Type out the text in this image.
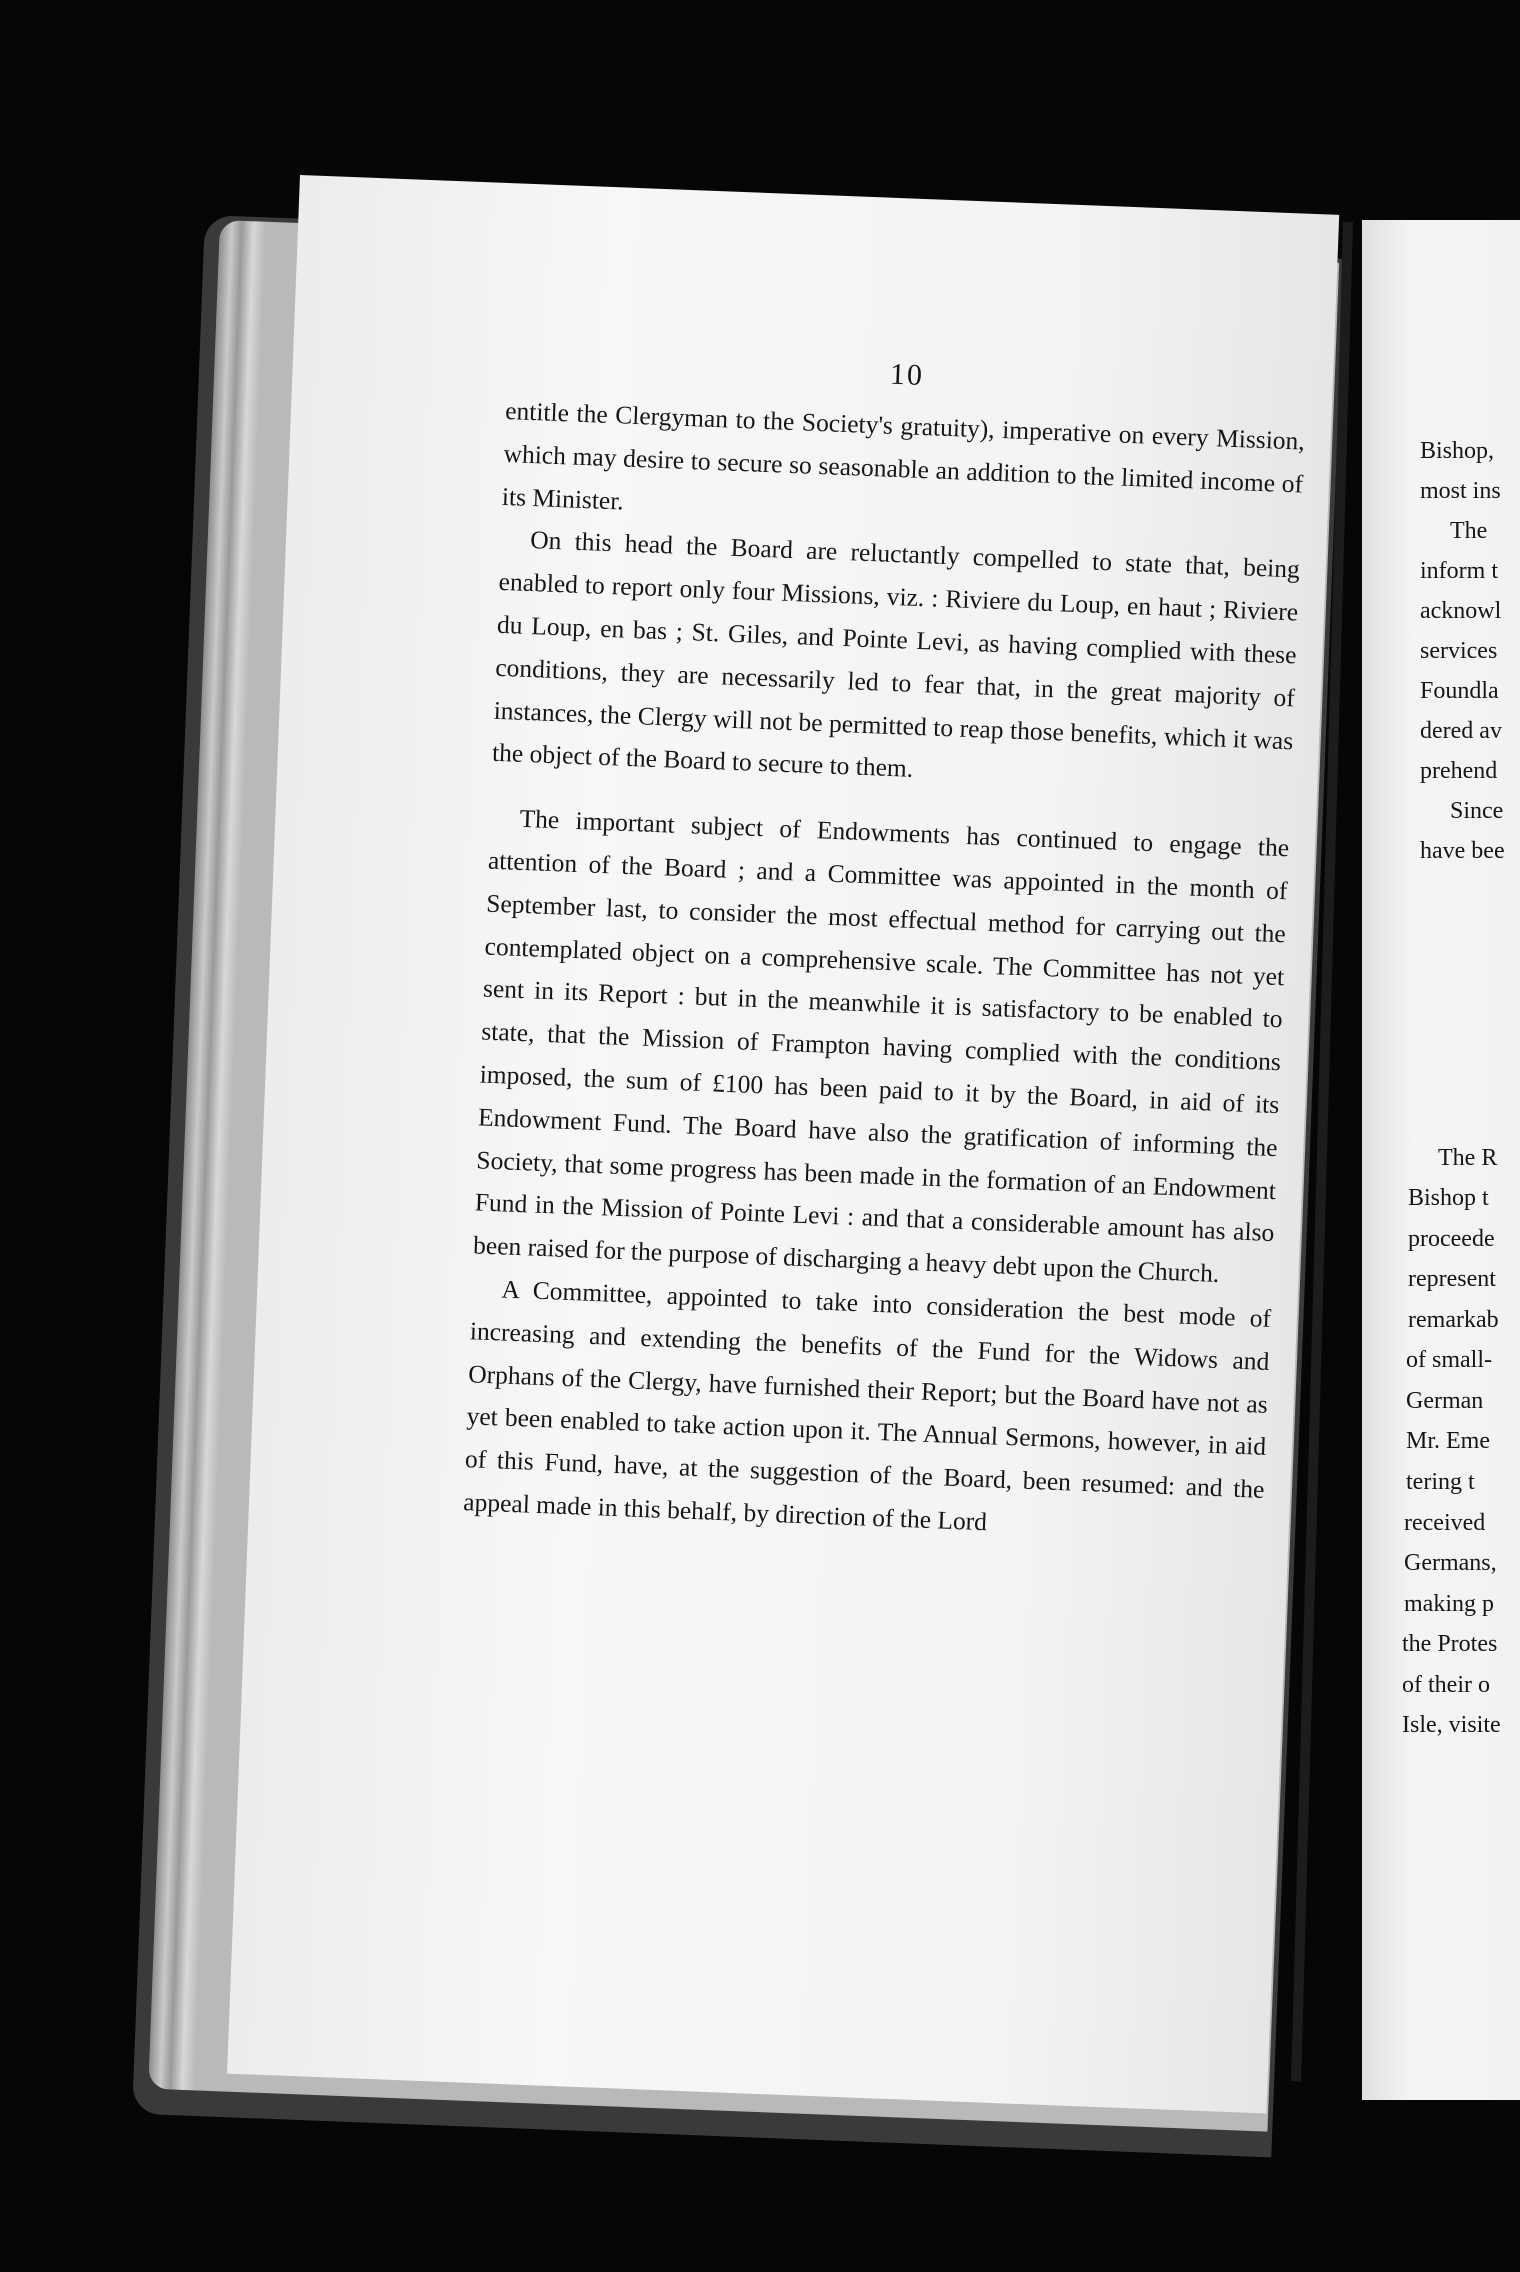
10

entitle the Clergyman to the Society's gratuity), imperative on every Mission, which may desire to secure so seasonable an addition to the limited income of its Minister.

On this head the Board are reluctantly compelled to state that, being enabled to report only four Missions, viz. : Riviere du Loup, en haut ; Riviere du Loup, en bas ; St. Giles, and Pointe Levi, as having complied with these conditions, they are necessarily led to fear that, in the great majority of instances, the Clergy will not be permitted to reap those benefits, which it was the object of the Board to secure to them.

The important subject of Endowments has continued to engage the attention of the Board ; and a Committee was appointed in the month of September last, to consider the most effectual method for carrying out the contemplated object on a comprehensive scale. The Committee has not yet sent in its Report : but in the meanwhile it is satisfactory to be enabled to state, that the Mission of Frampton having complied with the conditions imposed, the sum of £100 has been paid to it by the Board, in aid of its Endowment Fund. The Board have also the gratification of informing the Society, that some progress has been made in the formation of an Endowment Fund in the Mission of Pointe Levi : and that a considerable amount has also been raised for the purpose of discharging a heavy debt upon the Church.

A Committee, appointed to take into consideration the best mode of increasing and extending the benefits of the Fund for the Widows and Orphans of the Clergy, have furnished their Report; but the Board have not as yet been enabled to take action upon it. The Annual Sermons, however, in aid of this Fund, have, at the suggestion of the Board, been resumed: and the appeal made in this behalf, by direction of the Lord

Bishop,
most ins
The
inform t
acknowl
services
Foundla
dered av
prehend
Since
have bee
The R
Bishop t
proceede
represent
remarkab
of small-
German
Mr. Eme
tering t
received
Germans,
making p
the Protes
of their o
Isle, visite
